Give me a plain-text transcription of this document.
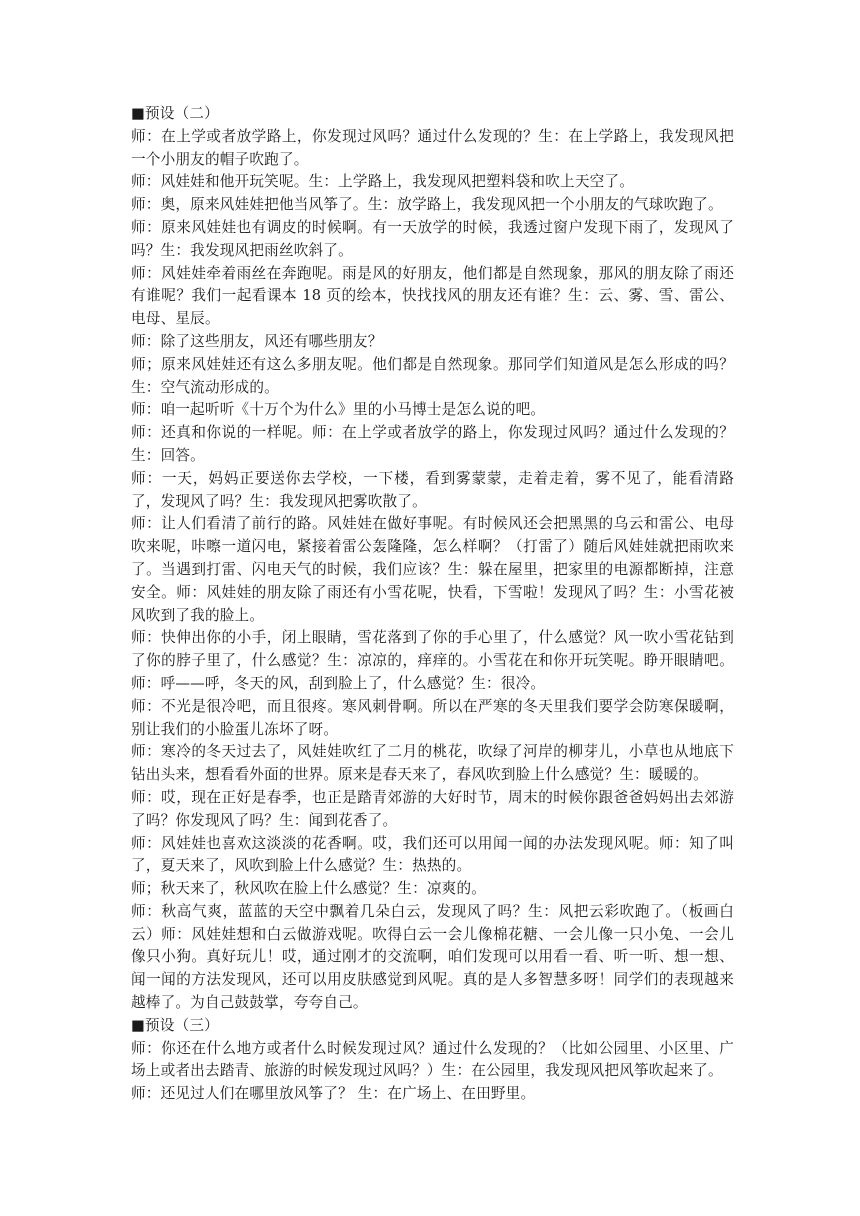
■预设（二）

师：在上学或者放学路上，你发现过风吗？通过什么发现的？生：在上学路上，我发现风把一个小朋友的帽子吹跑了。

师：风娃娃和他开玩笑呢。生：上学路上，我发现风把塑料袋和吹上天空了。

师：奥，原来风娃娃把他当风筝了。生：放学路上，我发现风把一个小朋友的气球吹跑了。

师：原来风娃娃也有调皮的时候啊。有一天放学的时候，我透过窗户发现下雨了，发现风了吗？生：我发现风把雨丝吹斜了。

师：风娃娃牵着雨丝在奔跑呢。雨是风的好朋友，他们都是自然现象，那风的朋友除了雨还有谁呢？我们一起看课本 18 页的绘本，快找找风的朋友还有谁？生：云、雾、雪、雷公、电母、星辰。

师：除了这些朋友，风还有哪些朋友？

师；原来风娃娃还有这么多朋友呢。他们都是自然现象。那同学们知道风是怎么形成的吗？生：空气流动形成的。

师：咱一起听听《十万个为什么》里的小马博士是怎么说的吧。

师：还真和你说的一样呢。师：在上学或者放学的路上，你发现过风吗？通过什么发现的？生：回答。

师：一天，妈妈正要送你去学校，一下楼，看到雾蒙蒙，走着走着，雾不见了，能看清路了，发现风了吗？生：我发现风把雾吹散了。

师：让人们看清了前行的路。风娃娃在做好事呢。有时候风还会把黑黑的乌云和雷公、电母吹来呢，咔嚓一道闪电，紧接着雷公轰隆隆，怎么样啊？（打雷了）随后风娃娃就把雨吹来了。当遇到打雷、闪电天气的时候，我们应该？生：躲在屋里，把家里的电源都断掉，注意安全。师：风娃娃的朋友除了雨还有小雪花呢，快看，下雪啦！发现风了吗？生：小雪花被风吹到了我的脸上。

师：快伸出你的小手，闭上眼睛，雪花落到了你的手心里了，什么感觉？风一吹小雪花钻到了你的脖子里了，什么感觉？生：凉凉的，痒痒的。小雪花在和你开玩笑呢。睁开眼睛吧。师：呼——呼，冬天的风，刮到脸上了，什么感觉？生：很冷。

师：不光是很冷吧，而且很疼。寒风刺骨啊。所以在严寒的冬天里我们要学会防寒保暖啊，别让我们的小脸蛋儿冻坏了呀。

师：寒冷的冬天过去了，风娃娃吹红了二月的桃花，吹绿了河岸的柳芽儿，小草也从地底下钻出头来，想看看外面的世界。原来是春天来了，春风吹到脸上什么感觉？生：暖暖的。

师：哎，现在正好是春季，也正是踏青郊游的大好时节，周末的时候你跟爸爸妈妈出去郊游了吗？你发现风了吗？生：闻到花香了。

师：风娃娃也喜欢这淡淡的花香啊。哎，我们还可以用闻一闻的办法发现风呢。师：知了叫了，夏天来了，风吹到脸上什么感觉？生：热热的。

师；秋天来了，秋风吹在脸上什么感觉？生：凉爽的。

师：秋高气爽，蓝蓝的天空中飘着几朵白云，发现风了吗？生：风把云彩吹跑了。（板画白云）师：风娃娃想和白云做游戏呢。吹得白云一会儿像棉花糖、一会儿像一只小兔、一会儿像只小狗。真好玩儿！哎，通过刚才的交流啊，咱们发现可以用看一看、听一听、想一想、闻一闻的方法发现风，还可以用皮肤感觉到风呢。真的是人多智慧多呀！同学们的表现越来越棒了。为自己鼓鼓掌，夸夸自己。

■预设（三）

师：你还在什么地方或者什么时候发现过风？通过什么发现的？（比如公园里、小区里、广场上或者出去踏青、旅游的时候发现过风吗？）生：在公园里，我发现风把风筝吹起来了。

师：还见过人们在哪里放风筝了？ 生：在广场上、在田野里。
